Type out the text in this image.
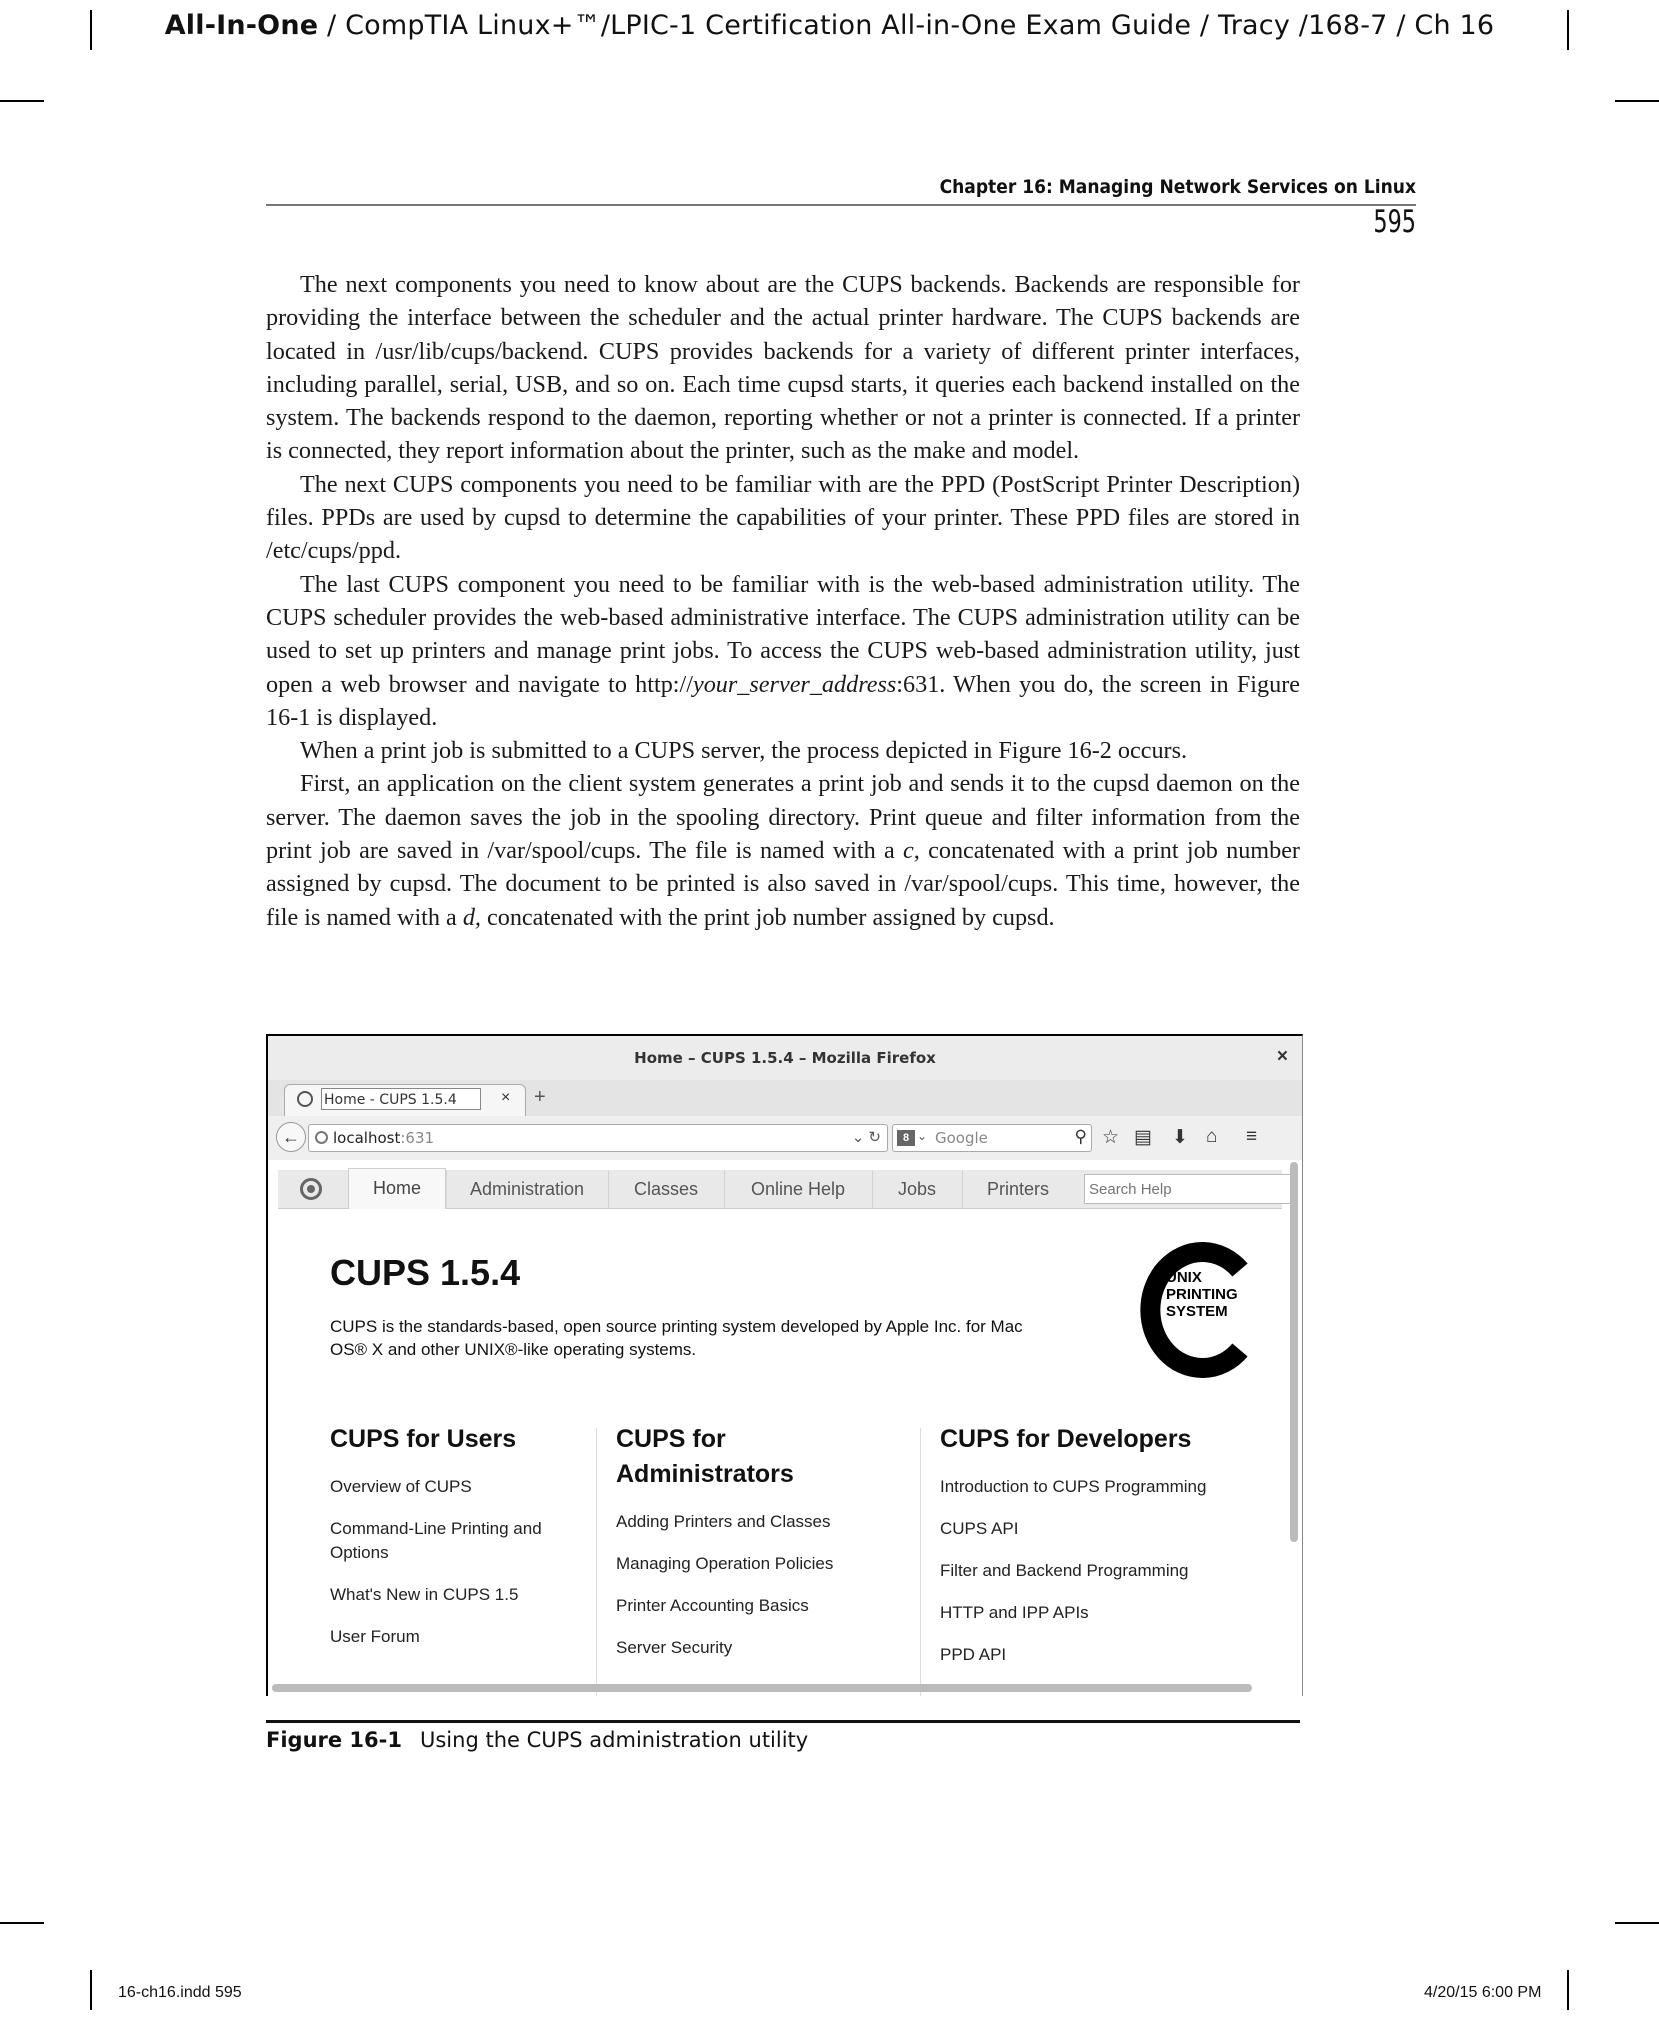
All-In-One / CompTIA Linux+™/LPIC-1 Certification All-in-One Exam Guide / Tracy /168-7 / Ch 16
Chapter 16: Managing Network Services on Linux
595

The next components you need to know about are the CUPS backends. Backends are responsible for providing the interface between the scheduler and the actual printer hardware. The CUPS backends are located in /usr/lib/cups/backend. CUPS provides backends for a variety of different printer interfaces, including parallel, serial, USB, and so on. Each time cupsd starts, it queries each backend installed on the system. The backends respond to the daemon, reporting whether or not a printer is connected. If a printer is connected, they report information about the printer, such as the make and model.

The next CUPS components you need to be familiar with are the PPD (PostScript Printer Description) files. PPDs are used by cupsd to determine the capabilities of your printer. These PPD files are stored in /etc/cups/ppd.

The last CUPS component you need to be familiar with is the web-based administration utility. The CUPS scheduler provides the web-based administrative interface. The CUPS administration utility can be used to set up printers and manage print jobs. To access the CUPS web-based administration utility, just open a web browser and navigate to http://your_server_address:631. When you do, the screen in Figure 16-1 is displayed.

When a print job is submitted to a CUPS server, the process depicted in Figure 16-2 occurs.

First, an application on the client system generates a print job and sends it to the cupsd daemon on the server. The daemon saves the job in the spooling directory. Print queue and filter information from the print job are saved in /var/spool/cups. The file is named with a c, concatenated with a print job number assigned by cupsd. The document to be printed is also saved in /var/spool/cups. This time, however, the file is named with a d, concatenated with the print job number assigned by cupsd.

Home – CUPS 1.5.4 – Mozilla Firefox	×
Home - CUPS 1.5.4	× +
←	localhost:631	⌄ ↻	8 ⌄ Google	⚲ ☆ ▤ ⬇ ⌂ ≡
Home	Administration	Classes	Online Help	Jobs	Printers
Search Help
CUPS 1.5.4
CUPS is the standards-based, open source printing system developed by Apple Inc. for Mac OS® X and other UNIX®-like operating systems.
UNIX
PRINTING
SYSTEM
CUPS for Users
Overview of CUPS
Command-Line Printing and Options
What's New in CUPS 1.5
User Forum
CUPS for Administrators
Adding Printers and Classes
Managing Operation Policies
Printer Accounting Basics
Server Security
CUPS for Developers
Introduction to CUPS Programming
CUPS API
Filter and Backend Programming
HTTP and IPP APIs
PPD API
Figure 16-1 Using the CUPS administration utility
16-ch16.indd 595	4/20/15 6:00 PM
